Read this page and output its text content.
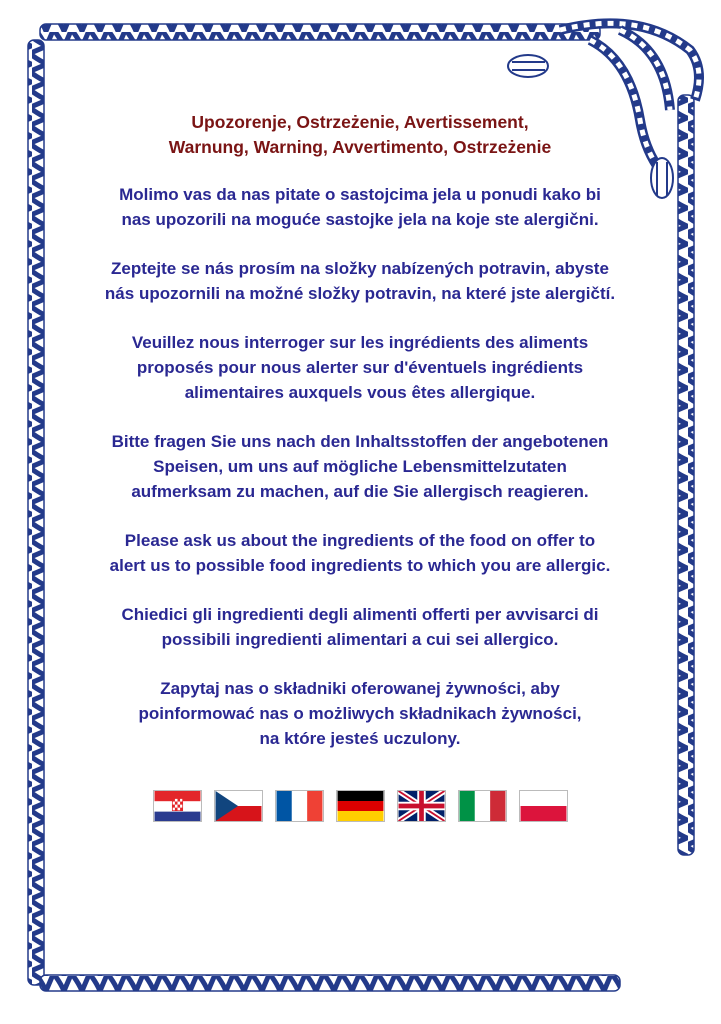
Upozorenje, Ostrzeżenie, Avertissement,
Warnung, Warning, Avvertimento, Ostrzeżenie
Molimo vas da nas pitate o sastojcima jela u ponudi kako bi
nas upozorili na moguće sastojke jela na koje ste alergični.
Zeptejte se nás prosím na složky nabízených potravin, abyste
nás upozornili na možné složky potravin, na které jste alergičtí.
Veuillez nous interroger sur les ingrédients des aliments
proposés pour nous alerter sur d'éventuels ingrédients
alimentaires auxquels vous êtes allergique.
Bitte fragen Sie uns nach den Inhaltsstoffen der angebotenen
Speisen, um uns auf mögliche Lebensmittelzutaten
aufmerksam zu machen, auf die Sie allergisch reagieren.
Please ask us about the ingredients of the food on offer to
alert us to possible food ingredients to which you are allergic.
Chiedici gli ingredienti degli alimenti offerti per avvisarci di
possibili ingredienti alimentari a cui sei allergico.
Zapytaj nas o składniki oferowanej żywności, aby
poinformować nas o możliwych składnikach żywności,
na które jesteś uczulony.
